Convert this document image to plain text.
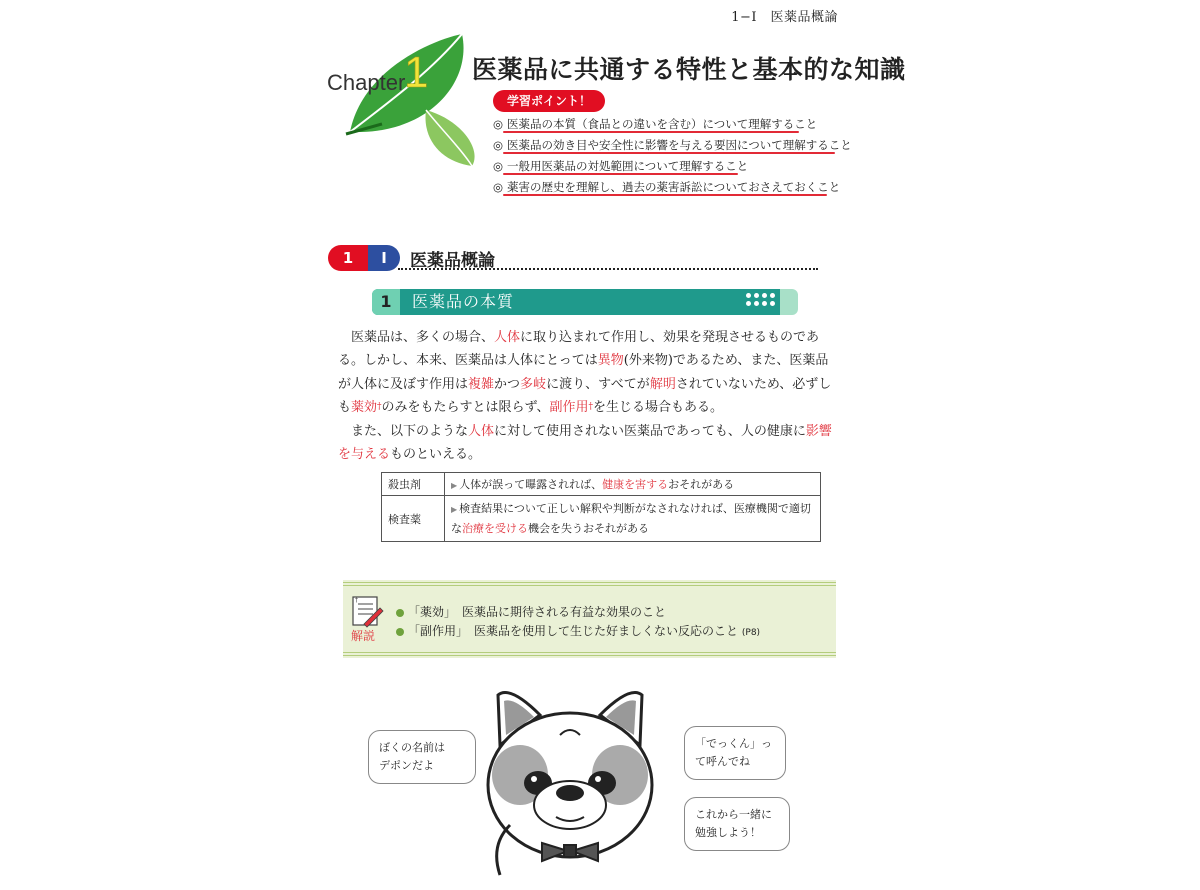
1−I　医薬品概論
Chapter
1 医薬品に共通する特性と基本的な知識
学習ポイント！
◎ 医薬品の本質（食品との違いを含む）について理解すること
◎ 医薬品の効き目や安全性に影響を与える要因について理解すること
◎ 一般用医薬品の対処範囲について理解すること
◎ 薬害の歴史を理解し、過去の薬害訴訟についておさえておくこと
1	I	医薬品概論
1	医薬品の本質

医薬品は、多くの場合、人体に取り込まれて作用し、効果を発現させるものである。しかし、本来、医薬品は人体にとっては異物(外来物)であるため、また、医薬品が人体に及ぼす作用は複雑かつ多岐に渡り、すべてが解明されていないため、必ずしも薬効†のみをもたらすとは限らず、副作用†を生じる場合もある。

また、以下のような人体に対して使用されない医薬品であっても、人の健康に影響を与えるものといえる。

殺虫剤	▶ 人体が誤って曝露されれば、健康を害するおそれがある
検査薬	▶ 検査結果について正しい解釈や判断がなされなければ、医療機関で適切な治療を受ける機会を失うおそれがある
†
解説
「薬効」　 医薬品に期待される有益な効果のこと
「副作用」　 医薬品を使用して生じた好ましくない反応のこと (P8)
ぼくの名前は
デポンだよ
「でっくん」っ
て呼んでね
これから一緒に
勉強しよう！
